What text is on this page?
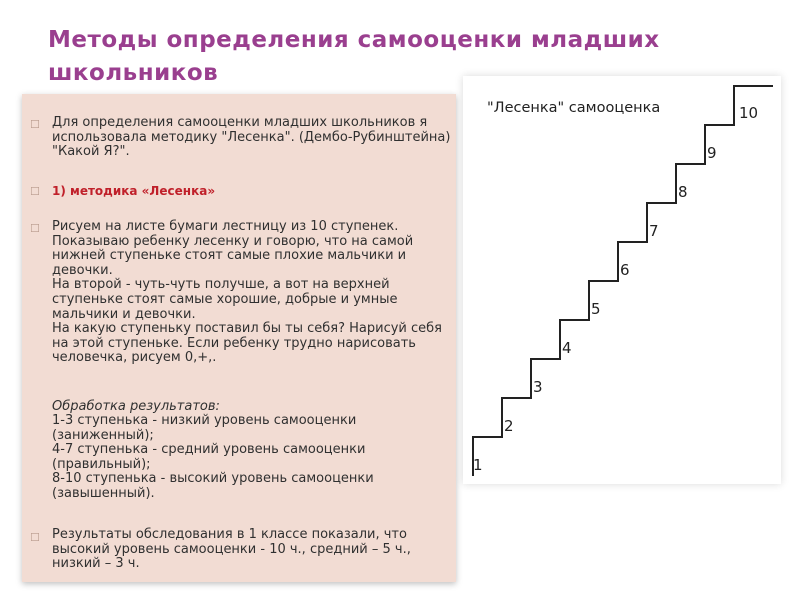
Методы определения самооценки младших школьников
☐ Для определения самооценки младших школьников я использовала методику "Лесенка". (Дембо-Рубинштейна) "Какой Я?".
☐ 1) методика «Лесенка»
☐ Рисуем на листе бумаги лестницу из 10 ступенек.
Показываю ребенку лесенку и говорю, что на самой нижней ступеньке стоят самые плохие мальчики и девочки.
На второй - чуть-чуть получше, а вот на верхней ступеньке стоят самые хорошие, добрые и умные мальчики и девочки.
На какую ступеньку поставил бы ты себя? Нарисуй себя на этой ступеньке. Если ребенку трудно нарисовать человечка, рисуем 0,+,.
Обработка результатов:
1-3 ступенька - низкий уровень самооценки (заниженный);
4-7 ступенька - средний уровень самооценки (правильный);
8-10 ступенька - высокий уровень самооценки (завышенный).
☐ Результаты обследования в 1 классе показали, что высокий уровень самооценки - 10 ч., средний – 5 ч., низкий – 3 ч.
"Лесенка" самооценка
1
2
3
4
5
6
7
8
9
10
